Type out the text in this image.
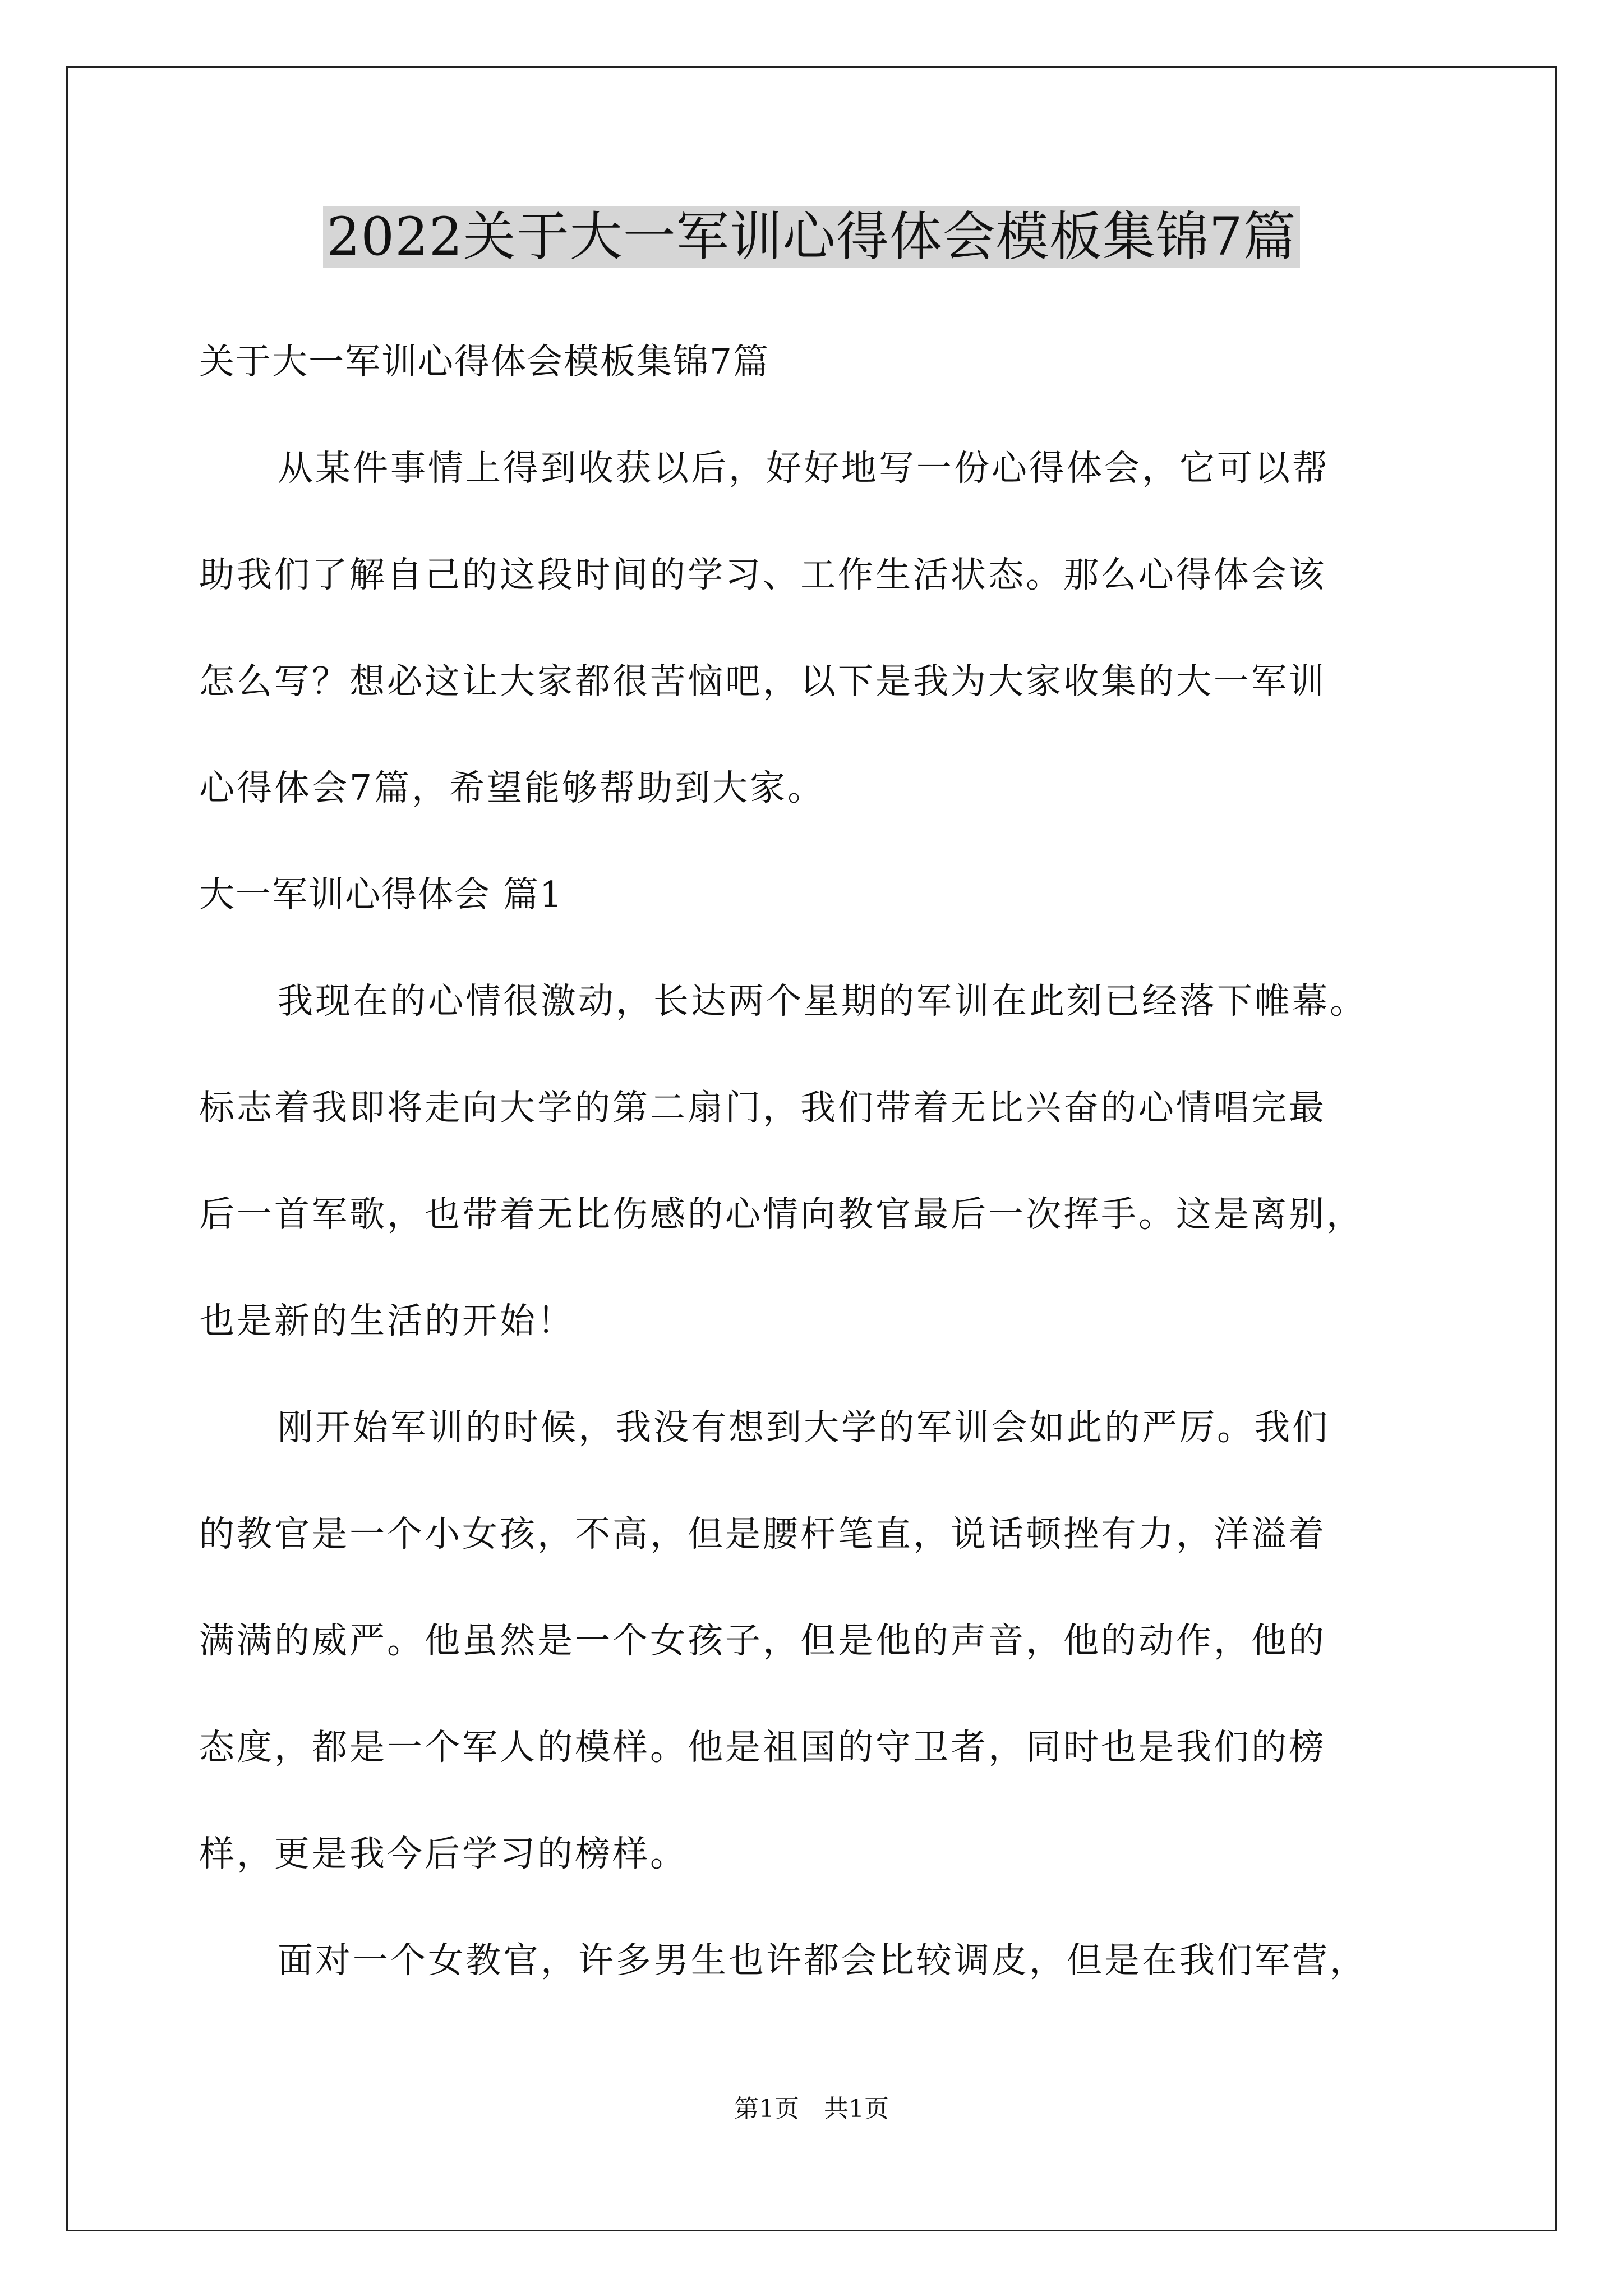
2022关于大一军训心得体会模板集锦7篇
关于大一军训心得体会模板集锦7篇
从某件事情上得到收获以后，好好地写一份心得体会，它可以帮
助我们了解自己的这段时间的学习、工作生活状态。那么心得体会该
怎么写？想必这让大家都很苦恼吧，以下是我为大家收集的大一军训
心得体会7篇，希望能够帮助到大家。
大一军训心得体会 篇1
我现在的心情很激动，长达两个星期的军训在此刻已经落下帷幕。
标志着我即将走向大学的第二扇门，我们带着无比兴奋的心情唱完最
后一首军歌，也带着无比伤感的心情向教官最后一次挥手。这是离别，
也是新的生活的开始！
刚开始军训的时候，我没有想到大学的军训会如此的严厉。我们
的教官是一个小女孩，不高，但是腰杆笔直，说话顿挫有力，洋溢着
满满的威严。他虽然是一个女孩子，但是他的声音，他的动作，他的
态度，都是一个军人的模样。他是祖国的守卫者，同时也是我们的榜
样，更是我今后学习的榜样。
面对一个女教官，许多男生也许都会比较调皮，但是在我们军营，
第1页　共1页
